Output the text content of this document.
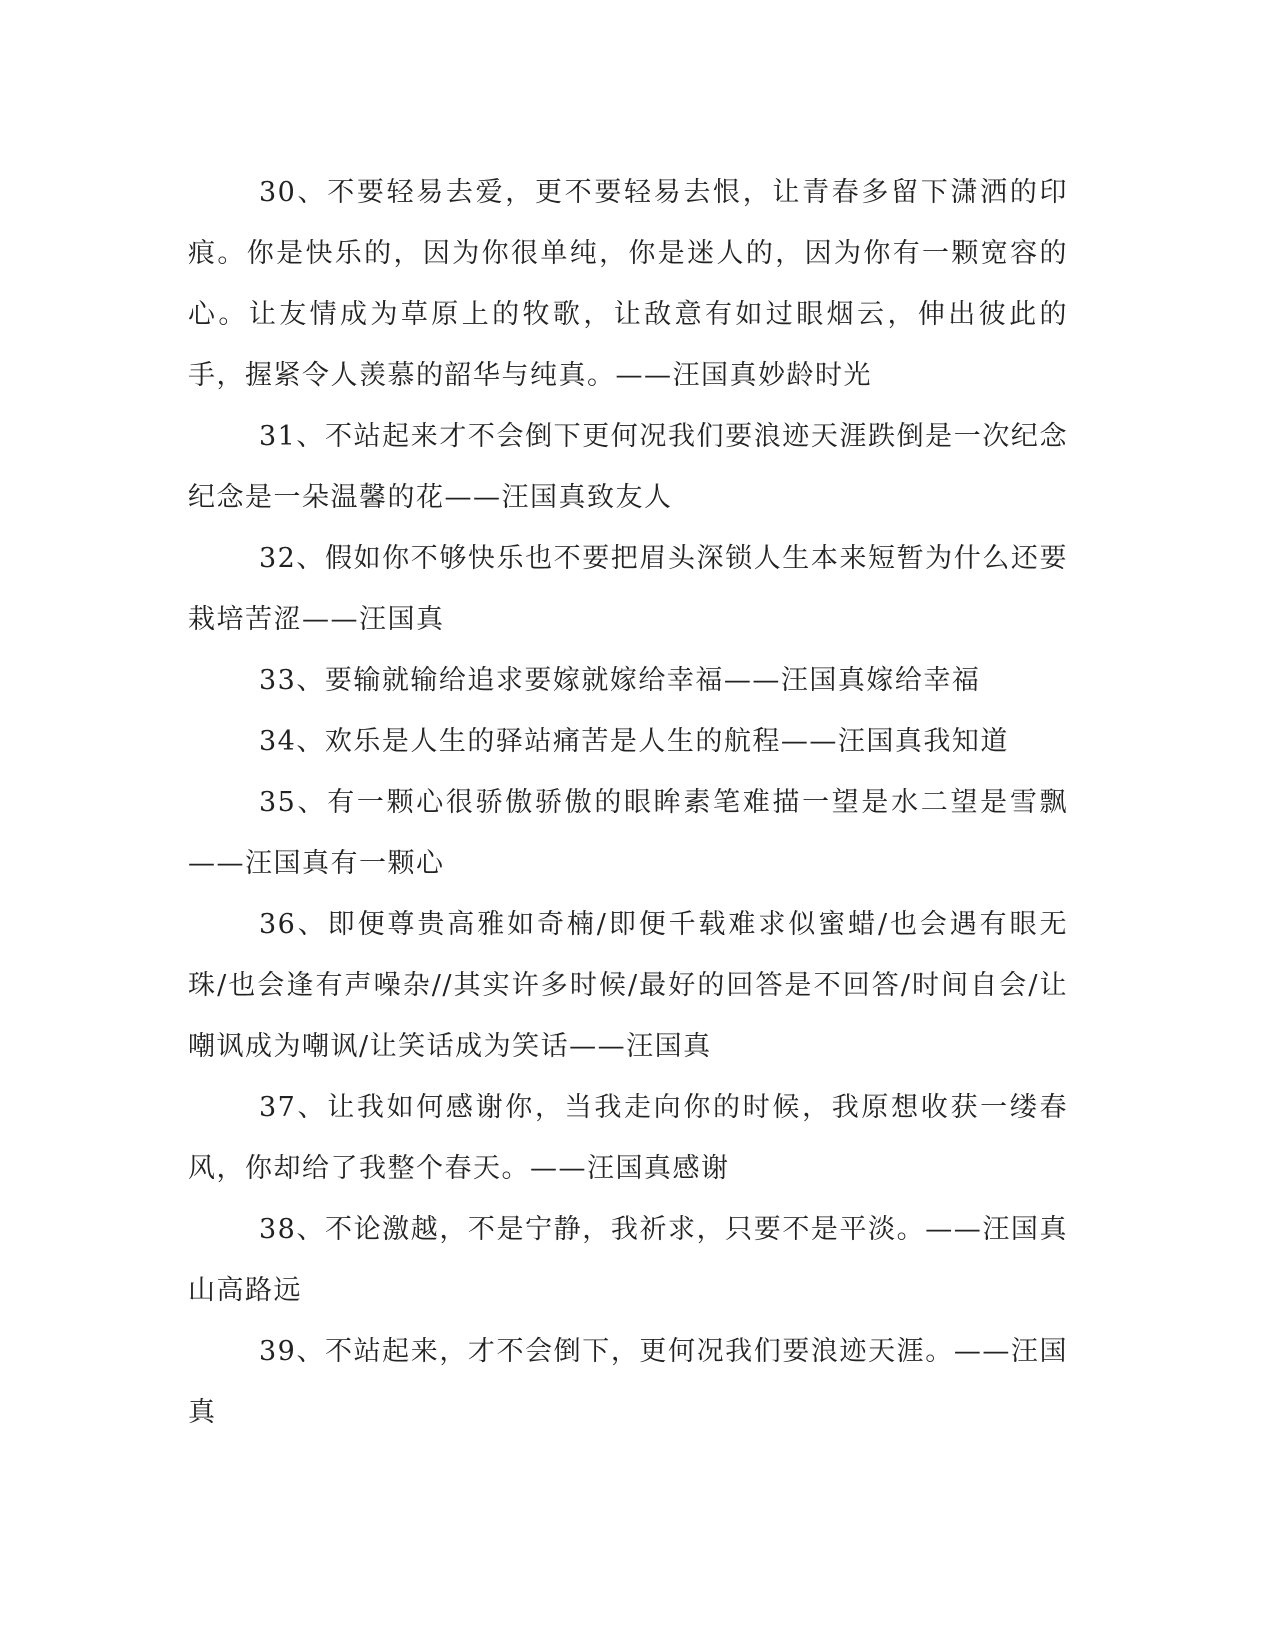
30、不要轻易去爱，更不要轻易去恨，让青春多留下潇洒的印痕。你是快乐的，因为你很单纯，你是迷人的，因为你有一颗宽容的心。让友情成为草原上的牧歌，让敌意有如过眼烟云，伸出彼此的手，握紧令人羡慕的韶华与纯真。——汪国真妙龄时光

31、不站起来才不会倒下更何况我们要浪迹天涯跌倒是一次纪念纪念是一朵温馨的花——汪国真致友人

32、假如你不够快乐也不要把眉头深锁人生本来短暂为什么还要栽培苦涩——汪国真

33、要输就输给追求要嫁就嫁给幸福——汪国真嫁给幸福

34、欢乐是人生的驿站痛苦是人生的航程——汪国真我知道

35、有一颗心很骄傲骄傲的眼眸素笔难描一望是水二望是雪飘——汪国真有一颗心

36、即便尊贵高雅如奇楠/即便千载难求似蜜蜡/也会遇有眼无珠/也会逢有声噪杂//其实许多时候/最好的回答是不回答/时间自会/让嘲讽成为嘲讽/让笑话成为笑话——汪国真

37、让我如何感谢你，当我走向你的时候，我原想收获一缕春风，你却给了我整个春天。——汪国真感谢

38、不论激越，不是宁静，我祈求，只要不是平淡。——汪国真山高路远

39、不站起来，才不会倒下，更何况我们要浪迹天涯。——汪国真
